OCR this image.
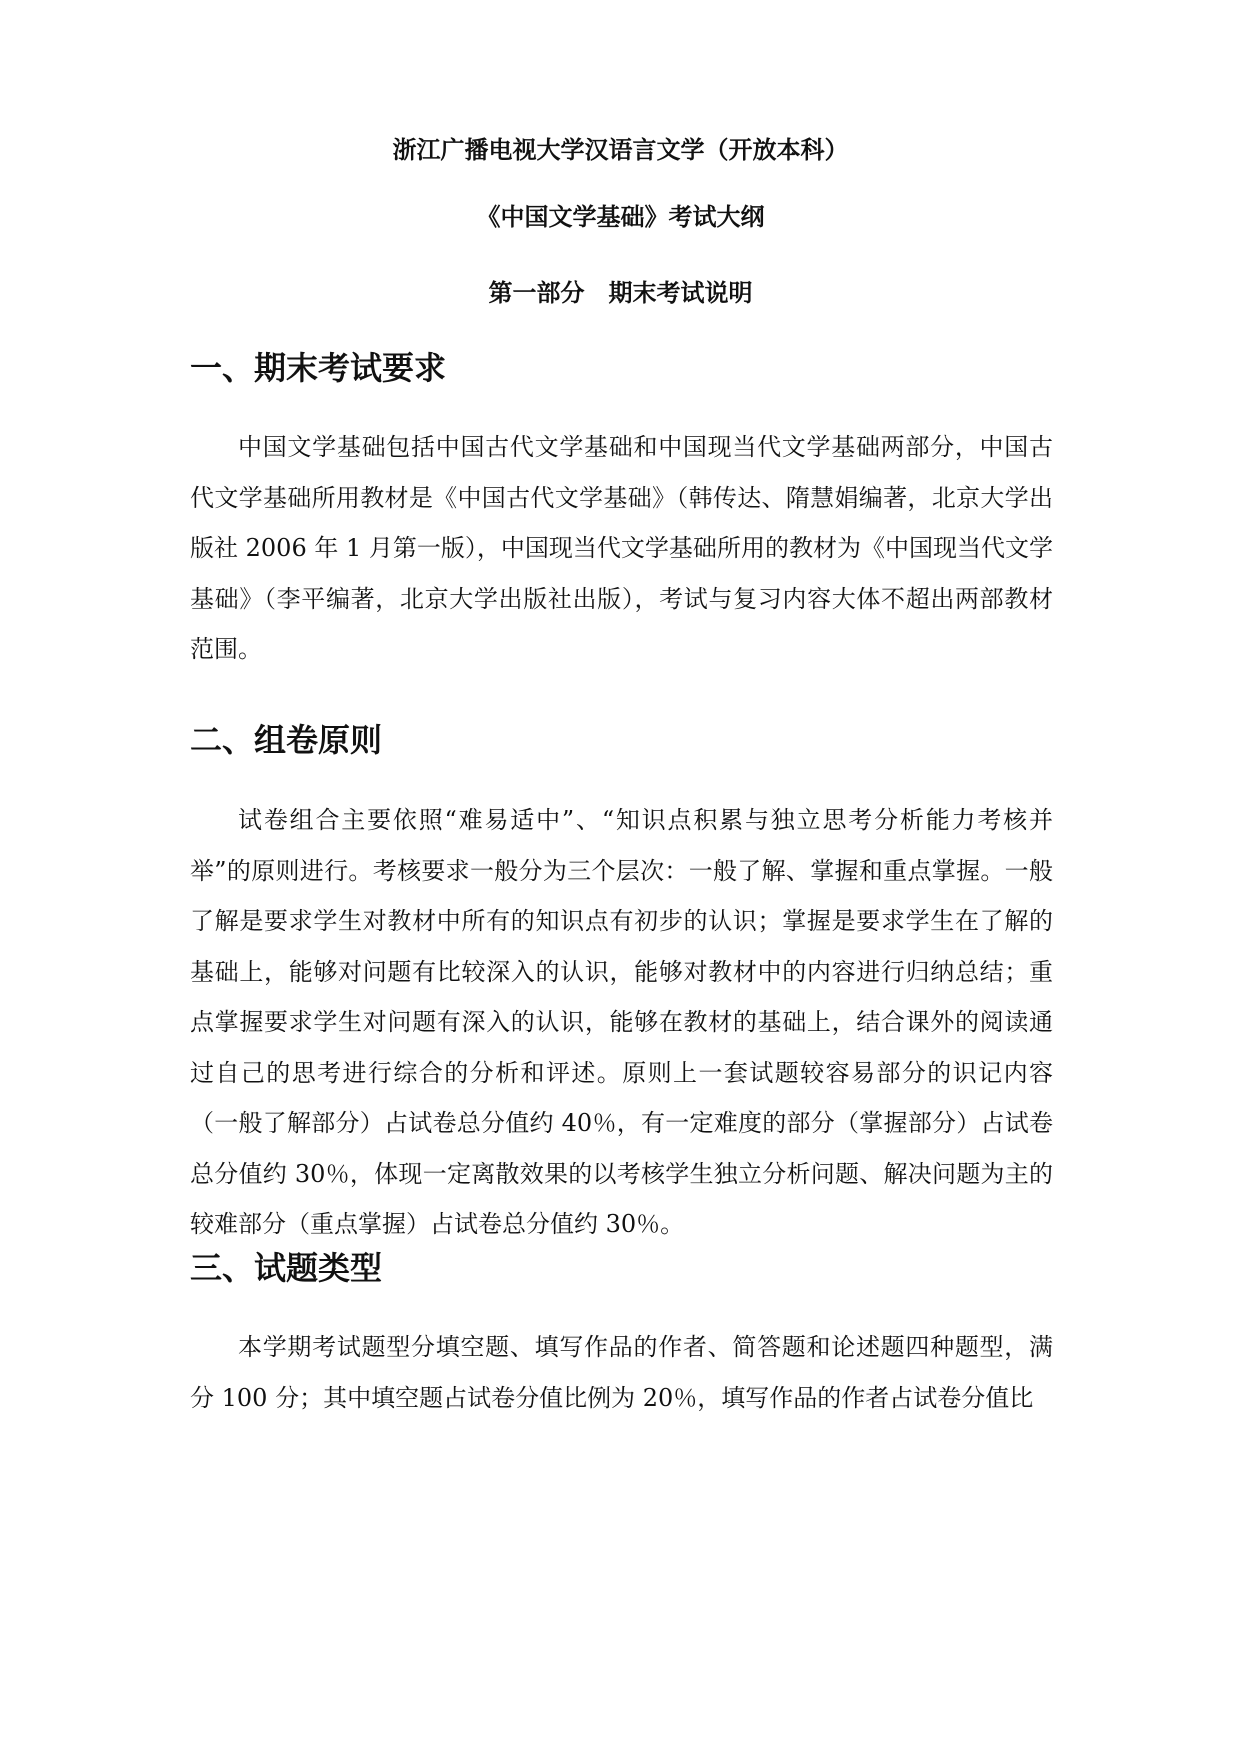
浙江广播电视大学汉语言文学（开放本科）
《中国文学基础》考试大纲
第一部分　期末考试说明
一、期末考试要求

中国文学基础包括中国古代文学基础和中国现当代文学基础两部分，中国古代文学基础所用教材是《中国古代文学基础》（韩传达、隋慧娟编著，北京大学出版社 2006 年 1 月第一版），中国现当代文学基础所用的教材为《中国现当代文学基础》（李平编著，北京大学出版社出版），考试与复习内容大体不超出两部教材范围。

二、组卷原则

试卷组合主要依照“难易适中”、“知识点积累与独立思考分析能力考核并举”的原则进行。考核要求一般分为三个层次：一般了解、掌握和重点掌握。一般了解是要求学生对教材中所有的知识点有初步的认识；掌握是要求学生在了解的基础上，能够对问题有比较深入的认识，能够对教材中的内容进行归纳总结；重点掌握要求学生对问题有深入的认识，能够在教材的基础上，结合课外的阅读通过自己的思考进行综合的分析和评述。原则上一套试题较容易部分的识记内容（一般了解部分）占试卷总分值约 40％，有一定难度的部分（掌握部分）占试卷总分值约 30％，体现一定离散效果的以考核学生独立分析问题、解决问题为主的较难部分（重点掌握）占试卷总分值约 30％。

三、试题类型

本学期考试题型分填空题、填写作品的作者、简答题和论述题四种题型，满分 100 分；其中填空题占试卷分值比例为 20％，填写作品的作者占试卷分值比
